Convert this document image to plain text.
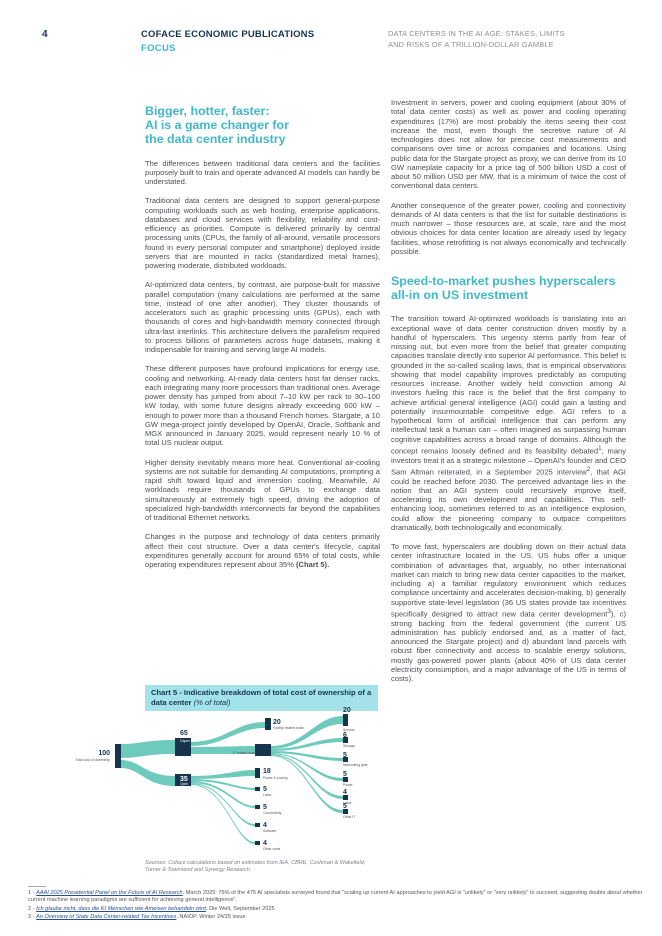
4	COFACE ECONOMIC PUBLICATIONS
FOCUS
DATA CENTERS IN THE AI AGE: STAKES, LIMITS
AND RISKS OF A TRILLION-DOLLAR GAMBLE
Bigger, hotter, faster:
AI is a game changer for
the data center industry

The differences between traditional data centers and the facilities purposely built to train and operate advanced AI models can hardly be understated.

Traditional data centers are designed to support general-purpose computing workloads such as web hosting, enterprise applications, databases and cloud services with flexibility, reliability and cost-efficiency as priorities. Compute is delivered primarily by central processing units (CPUs, the family of all-around, versatile processors found in every personal computer and smartphone) deployed inside servers that are mounted in racks (standardized metal frames), powering moderate, distributed workloads.

AI-optimized data centers, by contrast, are purpose-built for massive parallel computation (many calculations are performed at the same time, instead of one after another). They cluster thousands of accelerators such as graphic processing units (GPUs), each with thousands of cores and high-bandwidth memory connected through ultra-fast interlinks. This architecture delivers the parallelism required to process billions of parameters across huge datasets, making it indispensable for training and serving large AI models.

These different purposes have profound implications for energy use, cooling and networking. AI-ready data centers host far denser racks, each integrating many more processors than traditional ones. Average power density has jumped from about 7–10 kW per rack to 30–100 kW today, with some future designs already exceeding 600 kW – enough to power more than a thousand French homes. Stargate, a 10 GW mega-project jointly developed by OpenAI, Oracle, Softbank and MGX announced in January 2025, would represent nearly 10 % of total US nuclear output.

Higher density inevitably means more heat. Conventional air-cooling systems are not suitable for demanding AI computations, prompting a rapid shift toward liquid and immersion cooling. Meanwhile, AI workloads require thousands of GPUs to exchange data simultaneously at extremely high speed, driving the adoption of specialized high-bandwidth interconnects far beyond the capabilities of traditional Ethernet networks.

Changes in the purpose and technology of data centers primarily affect their cost structure. Over a data center's lifecycle, capital expenditures generally account for around 65% of total costs, while operating expenditures represent about 35% (Chart 5).

Chart 5 - Indicative breakdown of total cost of ownership of a data center (% of total)
100
Total cost of ownership
65
Capex
35
Opex
20
Facility related costs
45
IT related costs
20
Servers
6
Storage
5
Networking gear
5
Power
4
Labor
5
Other IT
18
Power & cooling
5
Labor
5
Connectivity
4
Software
4
Other costs
Sources: Coface calculations based on estimates from IEA, CBRE, Cushman & Wakefield, Turner & Townsend and Synergy Research

Investment in servers, power and cooling equipment (about 30% of total data center costs) as well as power and cooling operating expenditures (17%) are most probably the items seeing their cost increase the most, even though the secretive nature of AI technologies does not allow for precise cost measurements and comparisons over time or across companies and locations. Using public data for the Stargate project as proxy, we can derive from its 10 GW nameplate capacity for a price tag of 500 billion USD a cost of about 50 million USD per MW, that is a minimum of twice the cost of conventional data centers.

Another consequence of the greater power, cooling and connectivity demands of AI data centers is that the list for suitable destinations is much narrower – those resources are, at scale, rare and the most obvious choices for data center location are already used by legacy facilities, whose retrofitting is not always economically and technically possible.

Speed-to-market pushes hyperscalers
all-in on US investment

The transition toward AI-optimized workloads is translating into an exceptional wave of data center construction driven mostly by a handful of hyperscalers. This urgency stems partly from fear of missing out, but even more from the belief that greater computing capacities translate directly into superior AI performance. This belief is grounded in the so-called scaling laws, that is empirical observations showing that model capability improves predictably as computing resources increase. Another widely held conviction among AI investors fueling this race is the belief that the first company to achieve artificial general intelligence (AGI) could gain a lasting and potentially insurmountable competitive edge. AGI refers to a hypothetical form of artificial intelligence that can perform any intellectual task a human can – often imagined as surpassing human cognitive capabilities across a broad range of domains. Although the concept remains loosely defined and its feasibility debated$^1$, many investors treat it as a strategic milestone – OpenAI's founder and CEO Sam Altman reiterated, in a September 2025 interview$^2$, that AGI could be reached before 2030. The perceived advantage lies in the notion that an AGI system could recursively improve itself, accelerating its own development and capabilities. This self-enhancing loop, sometimes referred to as an intelligence explosion, could allow the pioneering company to outpace competitors dramatically, both technologically and economically.

To move fast, hyperscalers are doubling down on their actual data center infrastructure located in the US. US hubs offer a unique combination of advantages that, arguably, no other international market can match to bring new data center capacities to the market, including a) a familiar regulatory environment which reduces compliance uncertainty and accelerates decision-making, b) generally supportive state-level legislation (36 US states provide tax incentives specifically designed to attract new data center development$^3$), c) strong backing from the federal government (the current US administration has publicly endorsed and, as a matter of fact, announced the Stargate project) and d) abundant land parcels with robust fiber connectivity and access to scalable energy solutions, mostly gas-powered power plants (about 40% of US data center electricity consumption, and a major advantage of the US in terms of costs).

1 - AAAI 2025 Presidential Panel on the Future of AI Research, March 2025: 76% of the 475 AI specialists surveyed found that "scaling up current AI approaches to yield AGI is "unlikely" or "very unlikely" to succeed, suggesting doubts about whether current machine learning paradigms are sufficient for achieving general intelligence".
2 - Ich glaube nicht, dass die KI Menschen wie Ameisen behandeln wird, Die Welt, September 2025
3 - An Overview of State Data Center-related Tax Incentives, NAIOP, Winter 24/25 issue
